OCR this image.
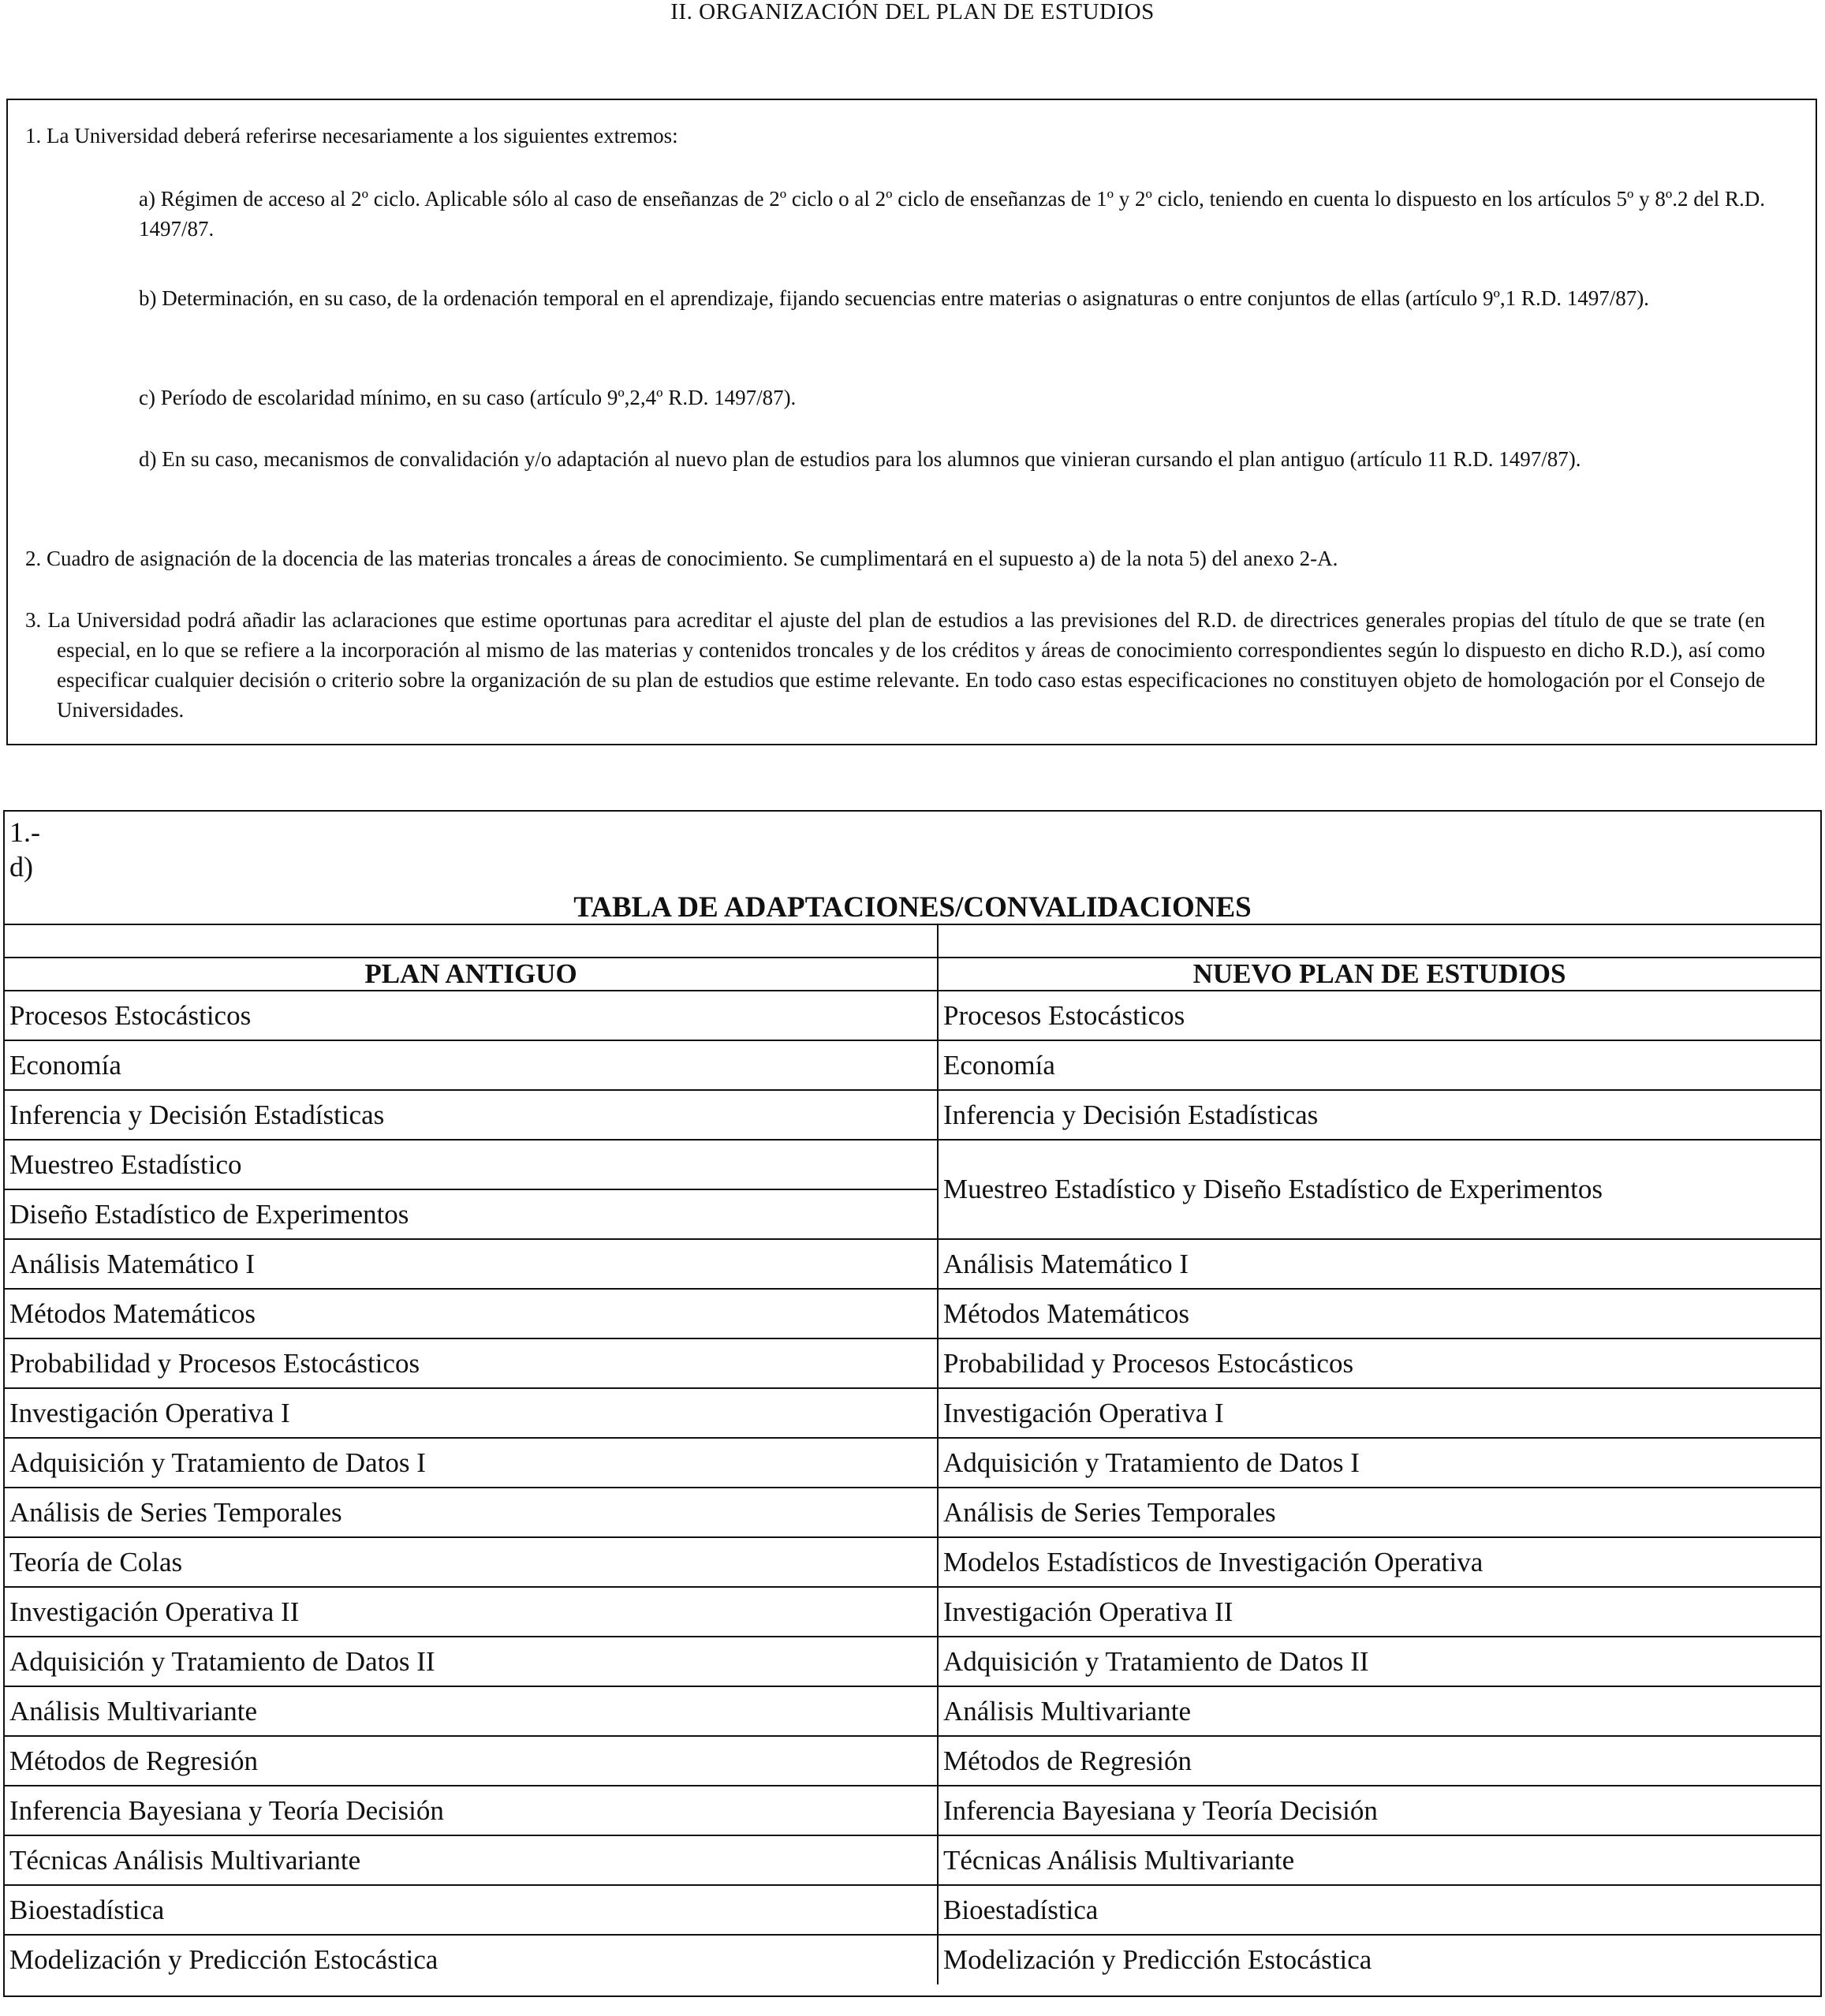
II. ORGANIZACIÓN DEL PLAN DE ESTUDIOS

1. La Universidad deberá referirse necesariamente a los siguientes extremos:

a) Régimen de acceso al 2º ciclo. Aplicable sólo al caso de enseñanzas de 2º ciclo o al 2º ciclo de enseñanzas de 1º y 2º ciclo, teniendo en cuenta lo dispuesto en los artículos 5º y 8º.2 del R.D. 1497/87.

b) Determinación, en su caso, de la ordenación temporal en el aprendizaje, fijando secuencias entre materias o asignaturas o entre conjuntos de ellas (artículo 9º,1 R.D. 1497/87).

c) Período de escolaridad mínimo, en su caso (artículo 9º,2,4º R.D. 1497/87).

d) En su caso, mecanismos de convalidación y/o adaptación al nuevo plan de estudios para los alumnos que vinieran cursando el plan antiguo (artículo 11 R.D. 1497/87).

2. Cuadro de asignación de la docencia de las materias troncales a áreas de conocimiento. Se cumplimentará en el supuesto a) de la nota 5) del anexo 2-A.

3. La Universidad podrá añadir las aclaraciones que estime oportunas para acreditar el ajuste del plan de estudios a las previsiones del R.D. de directrices generales propias del título de que se trate (en especial, en lo que se refiere a la incorporación al mismo de las materias y contenidos troncales y de los créditos y áreas de conocimiento correspondientes según lo dispuesto en dicho R.D.), así como especificar cualquier decisión o criterio sobre la organización de su plan de estudios que estime relevante. En todo caso estas especificaciones no constituyen objeto de homologación por el Consejo de Universidades.

1.-
d)
TABLA DE ADAPTACIONES/CONVALIDACIONES

PLAN ANTIGUO	NUEVO PLAN DE ESTUDIOS
Procesos Estocásticos	Procesos Estocásticos
Economía	Economía
Inferencia y Decisión Estadísticas	Inferencia y Decisión Estadísticas
Muestreo Estadístico	Muestreo Estadístico y Diseño Estadístico de Experimentos
Diseño Estadístico de Experimentos	
Análisis Matemático I	Análisis Matemático I
Métodos Matemáticos	Métodos Matemáticos
Probabilidad y Procesos Estocásticos	Probabilidad y Procesos Estocásticos
Investigación Operativa I	Investigación Operativa I
Adquisición y Tratamiento de Datos I	Adquisición y Tratamiento de Datos I
Análisis de Series Temporales	Análisis de Series Temporales
Teoría de Colas	Modelos Estadísticos de Investigación Operativa
Investigación Operativa II	Investigación Operativa II
Adquisición y Tratamiento de Datos II	Adquisición y Tratamiento de Datos II
Análisis Multivariante	Análisis Multivariante
Métodos de Regresión	Métodos de Regresión
Inferencia Bayesiana y Teoría Decisión	Inferencia Bayesiana y Teoría Decisión
Técnicas Análisis Multivariante	Técnicas Análisis Multivariante
Bioestadística	Bioestadística
Modelización y Predicción Estocástica	Modelización y Predicción Estocástica
